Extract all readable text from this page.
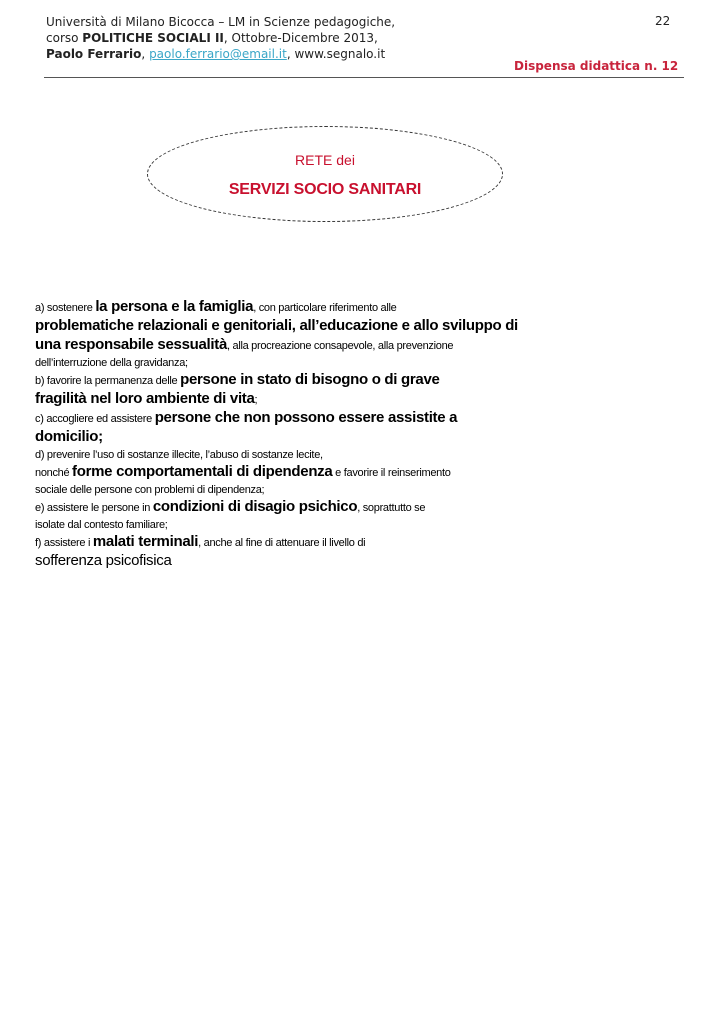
Università di Milano Bicocca – LM in Scienze pedagogiche,
corso POLITICHE SOCIALI II, Ottobre-Dicembre 2013,
Paolo Ferrario, paolo.ferrario@email.it, www.segnalo.it
22
Dispensa didattica n. 12
RETE dei
SERVIZI SOCIO SANITARI
a) sostenere la persona e la famiglia, con particolare riferimento alle
problematiche relazionali e genitoriali, all’educazione e allo sviluppo di
una responsabile sessualità, alla procreazione consapevole, alla prevenzione
dell’interruzione della gravidanza;
b) favorire la permanenza delle persone in stato di bisogno o di grave
fragilità nel loro ambiente di vita;
c) accogliere ed assistere persone che non possono essere assistite a
domicilio;
d) prevenire l’uso di sostanze illecite, l’abuso di sostanze lecite,
nonché forme comportamentali di dipendenza e favorire il reinserimento
sociale delle persone con problemi di dipendenza;
e) assistere le persone in condizioni di disagio psichico, soprattutto se
isolate dal contesto familiare;
f) assistere i malati terminali, anche al fine di attenuare il livello di
sofferenza psicofisica
